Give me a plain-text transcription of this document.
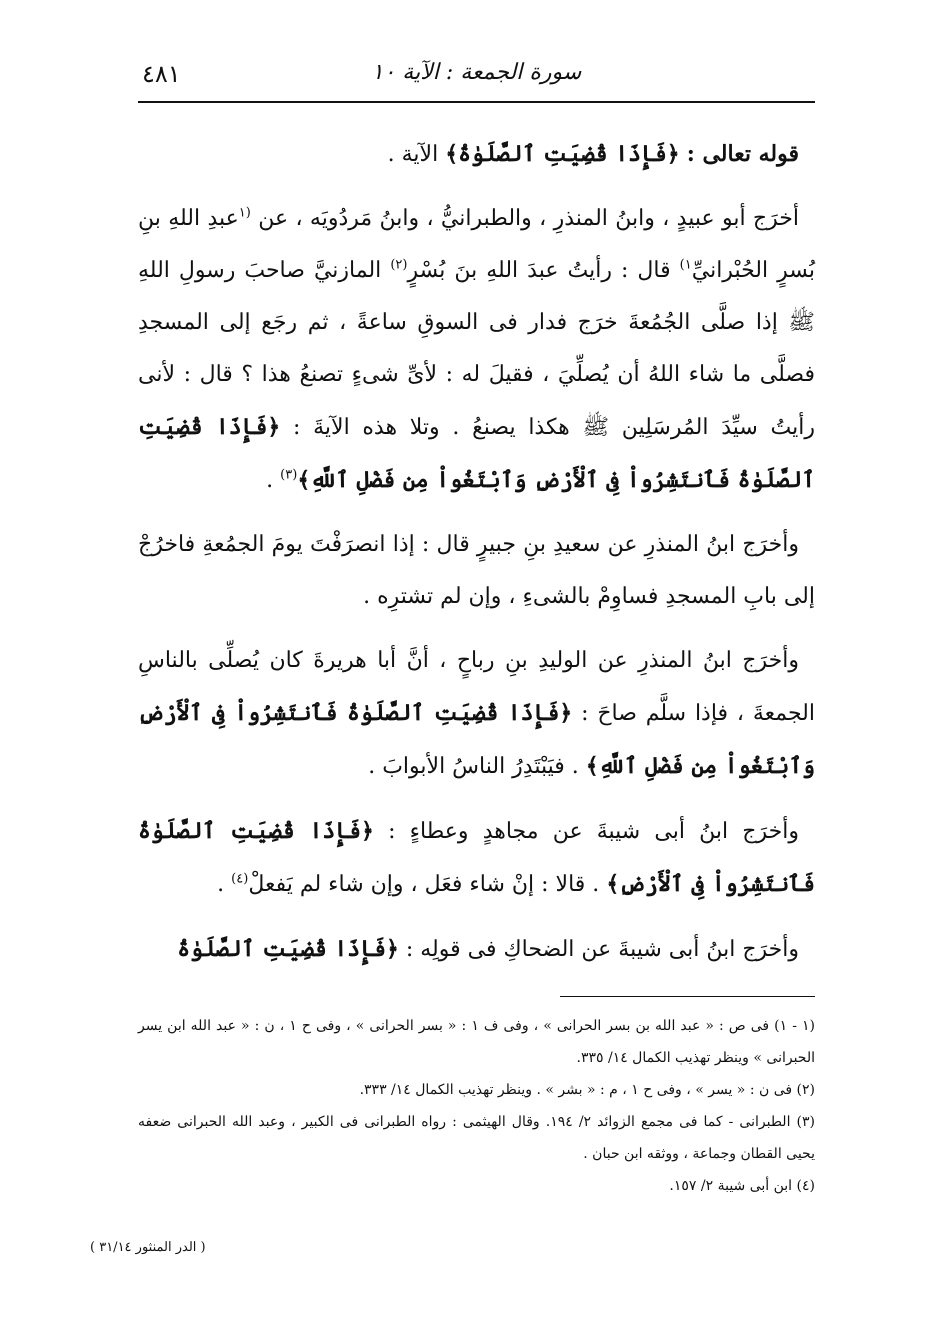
٤٨١	سورة الجمعة : الآية ١٠

قوله تعالى : ﴿فَإِذَا قُضِيَتِ ٱلصَّلَوٰةُ﴾ الآية .

أخرَج أبو عبيدٍ ، وابنُ المنذرِ ، والطبرانيُّ ، وابنُ مَردُويَه ، عن $^{(١}$عبدِ اللهِ بنِ بُسرٍ الحُبْرانيِّ$^{١)}$ قال : رأيتُ عبدَ اللهِ بنَ بُسْرٍ$^{(٢)}$ المازنيَّ صاحبَ رسولِ اللهِ ﷺ إذا صلَّى الجُمُعةَ خرَج فدار فى السوقِ ساعةً ، ثم رجَع إلى المسجدِ فصلَّى ما شاء اللهُ أن يُصلِّيَ ، فقيلَ له : لأىِّ شىءٍ تصنعُ هذا ؟ قال : لأنى رأيتُ سيِّدَ المُرسَلِين ﷺ هكذا يصنعُ . وتلا هذه الآيةَ : ﴿فَإِذَا قُضِيَتِ ٱلصَّلَوٰةُ فَٱنتَشِرُواْ فِى ٱلْأَرْضِ وَٱبْتَغُواْ مِن فَضْلِ ٱللَّهِ﴾$^{(٣)}$ .

وأخرَج ابنُ المنذرِ عن سعيدِ بنِ جبيرٍ قال : إذا انصرَفْتَ يومَ الجمُعةِ فاخرُجْ إلى بابِ المسجدِ فساوِمْ بالشىءِ ، وإن لم تشترِه .

وأخرَج ابنُ المنذرِ عن الوليدِ بنِ رباحٍ ، أنَّ أبا هريرةَ كان يُصلِّى بالناسِ الجمعةَ ، فإذا سلَّم صاحَ : ﴿فَإِذَا قُضِيَتِ ٱلصَّلَوٰةُ فَٱنتَشِرُواْ فِى ٱلْأَرْضِ وَٱبْتَغُواْ مِن فَضْلِ ٱللَّهِ﴾ . فيَبْتَدِرُ الناسُ الأبوابَ .

وأخرَج ابنُ أبى شيبةَ عن مجاهدٍ وعطاءٍ : ﴿فَإِذَا قُضِيَتِ ٱلصَّلَوٰةُ فَٱنتَشِرُواْ فِى ٱلْأَرْضِ﴾ . قالا : إنْ شاء فعَل ، وإن شاء لم يَفعلْ$^{(٤)}$ .

وأخرَج ابنُ أبى شيبةَ عن الضحاكِ فى قولِه : ﴿فَإِذَا قُضِيَتِ ٱلصَّلَوٰةُ

(١ - ١) فى ص : « عبد الله بن بسر الحرانى » ، وفى ف ١ : « بسر الحرانى » ، وفى ح ١ ، ن : « عبد الله ابن يسر الحبرانى » وينظر تهذيب الكمال ١٤/ ٣٣٥.

(٢) فى ن : « يسر » ، وفى ح ١ ، م : « بشر » . وينظر تهذيب الكمال ١٤/ ٣٣٣.

(٣) الطبرانى - كما فى مجمع الزوائد ٢/ ١٩٤. وقال الهيثمى : رواه الطبرانى فى الكبير ، وعبد الله الحبرانى ضعفه يحيى القطان وجماعة ، ووثقه ابن حبان .

(٤) ابن أبى شيبة ٢/ ١٥٧.

( الدر المنثور ٣١/١٤ )
